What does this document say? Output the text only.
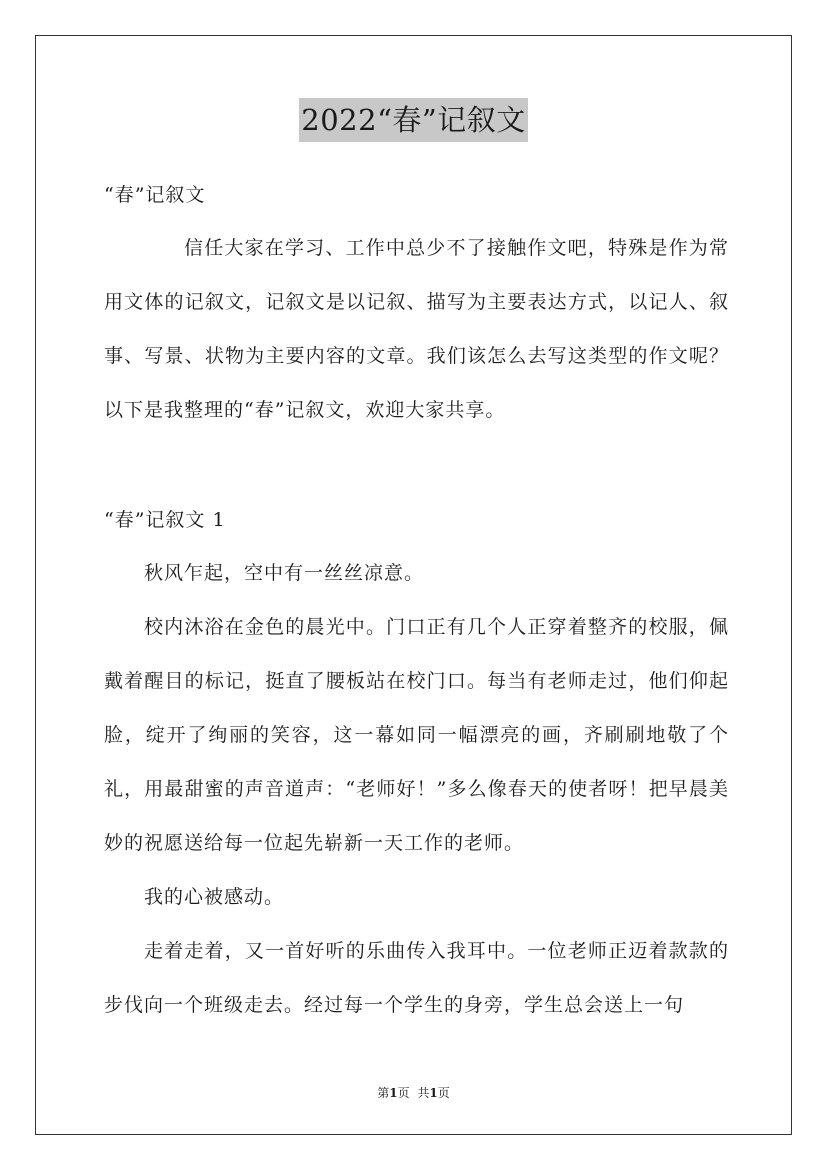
2022“春”记叙文

“春”记叙文

信任大家在学习、工作中总少不了接触作文吧，特殊是作为常用文体的记叙文，记叙文是以记叙、描写为主要表达方式，以记人、叙事、写景、状物为主要内容的文章。我们该怎么去写这类型的作文呢？以下是我整理的“春”记叙文，欢迎大家共享。

“春”记叙文 1

秋风乍起，空中有一丝丝凉意。

校内沐浴在金色的晨光中。门口正有几个人正穿着整齐的校服，佩戴着醒目的标记，挺直了腰板站在校门口。每当有老师走过，他们仰起脸，绽开了绚丽的笑容，这一幕如同一幅漂亮的画，齐刷刷地敬了个礼，用最甜蜜的声音道声：“老师好！”多么像春天的使者呀！把早晨美妙的祝愿送给每一位起先崭新一天工作的老师。

我的心被感动。

走着走着，又一首好听的乐曲传入我耳中。一位老师正迈着款款的步伐向一个班级走去。经过每一个学生的身旁，学生总会送上一句

第1页 共1页
